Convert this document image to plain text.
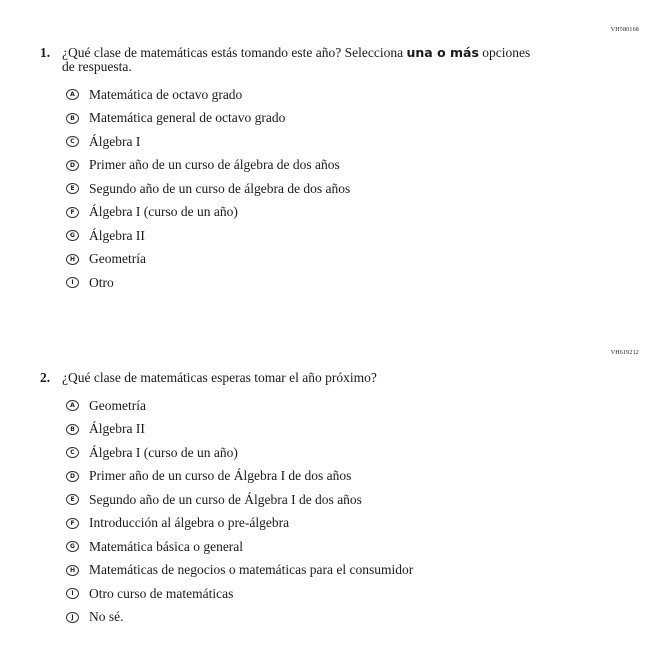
VH580168
1. ¿Qué clase de matemáticas estás tomando este año? Selecciona una o más opciones
de respuesta.
A	Matemática de octavo grado
B	Matemática general de octavo grado
C	Álgebra I
D Primer año de un curso de álgebra de dos años
E	Segundo año de un curso de álgebra de dos años
F	Álgebra I (curso de un año)
G Álgebra II
H Geometría
I	Otro
VH619212
2. ¿Qué clase de matemáticas esperas tomar el año próximo?
A	Geometría
B	Álgebra II
C	Álgebra I (curso de un año)
D Primer año de un curso de Álgebra I de dos años
E	Segundo año de un curso de Álgebra I de dos años
F	Introducción al álgebra o pre-álgebra
G Matemática básica o general
H Matemáticas de negocios o matemáticas para el consumidor
I	Otro curso de matemáticas
J	No sé.
